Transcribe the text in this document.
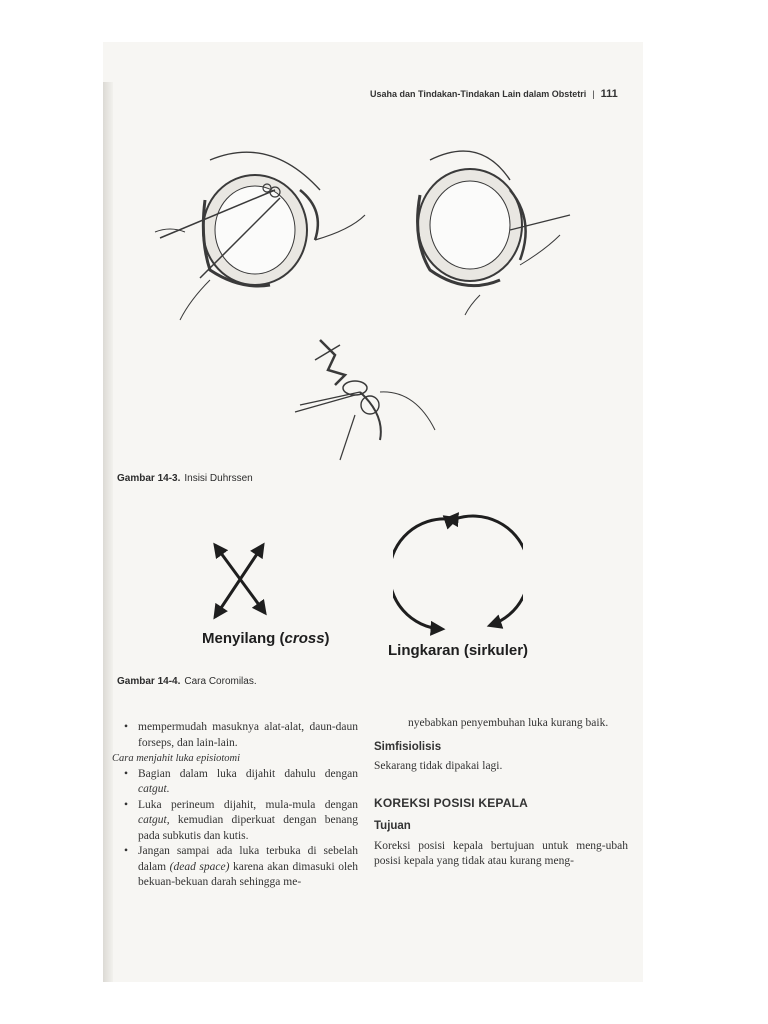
Usaha dan Tindakan-Tindakan Lain dalam Obstetri | 111
Gambar 14-3. Insisi Duhrssen
Menyilang (cross)
Lingkaran (sirkuler)
Gambar 14-4. Cara Coromilas.
• mempermudah masuknya alat-alat, daun-daun forseps, dan lain-lain.
Cara menjahit luka episiotomi
• Bagian dalam luka dijahit dahulu dengan catgut.
• Luka perineum dijahit, mula-mula dengan catgut, kemudian diperkuat dengan benang pada subkutis dan kutis.
• Jangan sampai ada luka terbuka di sebelah dalam (dead space) karena akan dimasuki oleh bekuan-bekuan darah sehingga me-
nyebabkan penyembuhan luka kurang baik.
Simfisiolisis
Sekarang tidak dipakai lagi.
KOREKSI POSISI KEPALA
Tujuan
Koreksi posisi kepala bertujuan untuk meng-ubah posisi kepala yang tidak atau kurang meng-
